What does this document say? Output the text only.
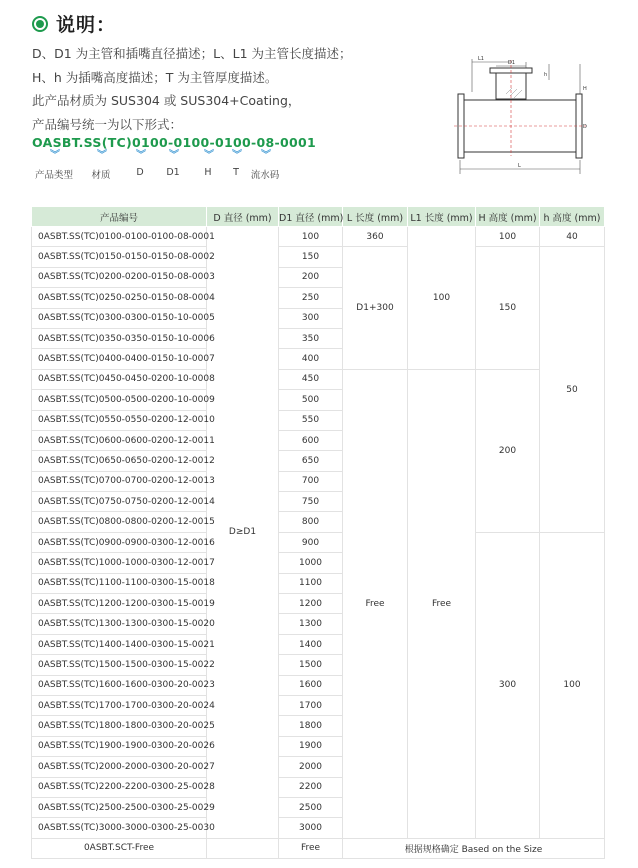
说明：

D、D1 为主管和插嘴直径描述；L、L1 为主管长度描述；

H、h 为插嘴高度描述；T 为主管厚度描述。

此产品材质为 SUS304 或 SUS304+Coating，

产品编号统一为以下形式：

OASBT.SS(TC)0100-0100-0100-08-0001
︾
产品类型
︾
材质
︾
D
︾
D1
︾
H
︾
T
︾
流水码
L1
D1
h
H
D
L
产品编号	D 直径 (mm)	D1 直径 (mm)	L 长度 (mm)	L1 长度 (mm)	H 高度 (mm)	h 高度 (mm)
0ASBT.SS(TC)0100-0100-0100-08-0001	D≥D1	100	360	100	100	40
0ASBT.SS(TC)0150-0150-0150-08-0002		150	D1+300		150	50
0ASBT.SS(TC)0200-0200-0150-08-0003		200				
0ASBT.SS(TC)0250-0250-0150-08-0004		250				
0ASBT.SS(TC)0300-0300-0150-10-0005		300				
0ASBT.SS(TC)0350-0350-0150-10-0006		350				
0ASBT.SS(TC)0400-0400-0150-10-0007		400				
0ASBT.SS(TC)0450-0450-0200-10-0008		450	Free	Free	200	
0ASBT.SS(TC)0500-0500-0200-10-0009		500				
0ASBT.SS(TC)0550-0550-0200-12-0010		550				
0ASBT.SS(TC)0600-0600-0200-12-0011		600				
0ASBT.SS(TC)0650-0650-0200-12-0012		650				
0ASBT.SS(TC)0700-0700-0200-12-0013		700				
0ASBT.SS(TC)0750-0750-0200-12-0014		750				
0ASBT.SS(TC)0800-0800-0200-12-0015		800				
0ASBT.SS(TC)0900-0900-0300-12-0016		900			300	100
0ASBT.SS(TC)1000-1000-0300-12-0017		1000				
0ASBT.SS(TC)1100-1100-0300-15-0018		1100				
0ASBT.SS(TC)1200-1200-0300-15-0019		1200				
0ASBT.SS(TC)1300-1300-0300-15-0020		1300				
0ASBT.SS(TC)1400-1400-0300-15-0021		1400				
0ASBT.SS(TC)1500-1500-0300-15-0022		1500				
0ASBT.SS(TC)1600-1600-0300-20-0023		1600				
0ASBT.SS(TC)1700-1700-0300-20-0024		1700				
0ASBT.SS(TC)1800-1800-0300-20-0025		1800				
0ASBT.SS(TC)1900-1900-0300-20-0026		1900				
0ASBT.SS(TC)2000-2000-0300-20-0027		2000				
0ASBT.SS(TC)2200-2200-0300-25-0028		2200				
0ASBT.SS(TC)2500-2500-0300-25-0029		2500				
0ASBT.SS(TC)3000-3000-0300-25-0030		3000				
0ASBT.SCT-Free		Free	根据规格确定 Based on the Size			
